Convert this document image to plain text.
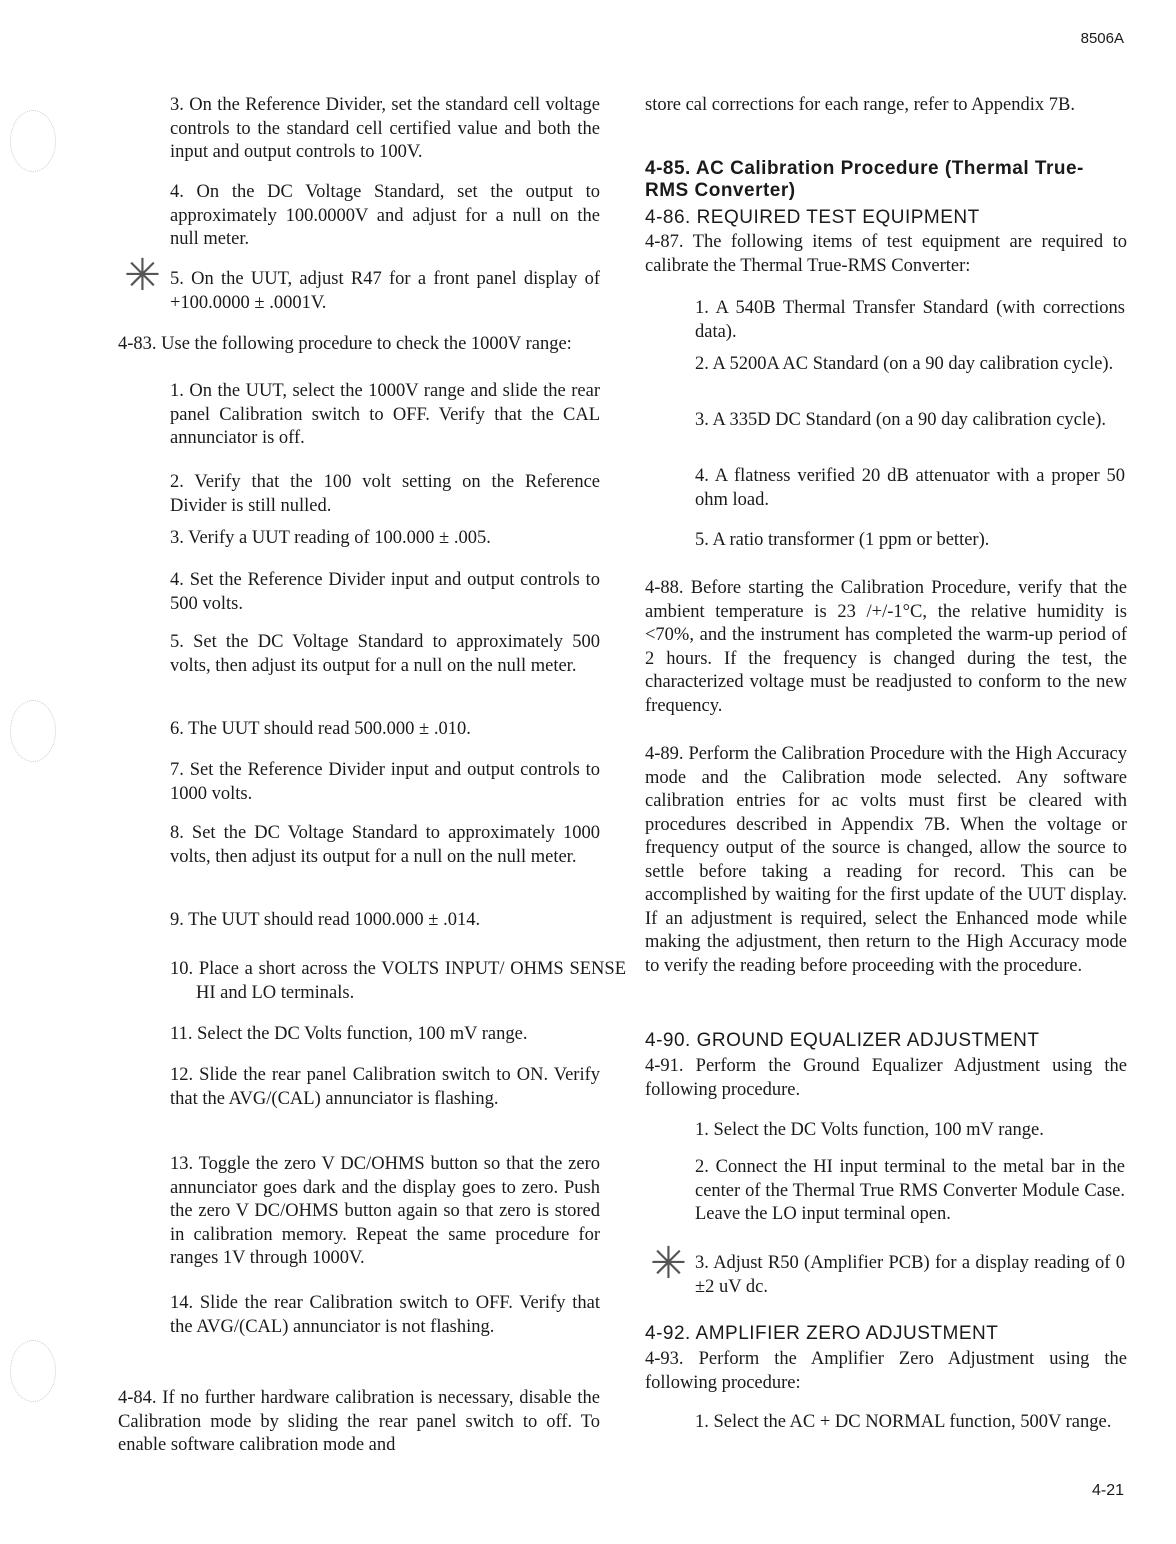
8506A
4-21

3. On the Reference Divider, set the standard cell voltage controls to the standard cell certified value and both the input and output controls to 100V.

4. On the DC Voltage Standard, set the output to approximately 100.0000V and adjust for a null on the null meter.

✳ 5. On the UUT, adjust R47 for a front panel display of +100.0000 ± .0001V.

4-83. Use the following procedure to check the 1000V range:

1. On the UUT, select the 1000V range and slide the rear panel Calibration switch to OFF. Verify that the CAL annunciator is off.

2. Verify that the 100 volt setting on the Reference Divider is still nulled.

3. Verify a UUT reading of 100.000 ± .005.

4. Set the Reference Divider input and output controls to 500 volts.

5. Set the DC Voltage Standard to approximately 500 volts, then adjust its output for a null on the null meter.

6. The UUT should read 500.000 ± .010.

7. Set the Reference Divider input and output controls to 1000 volts.

8. Set the DC Voltage Standard to approximately 1000 volts, then adjust its output for a null on the null meter.

9. The UUT should read 1000.000 ± .014.

10. Place a short across the VOLTS INPUT/ OHMS SENSE HI and LO terminals.

11. Select the DC Volts function, 100 mV range.

12. Slide the rear panel Calibration switch to ON. Verify that the AVG/(CAL) annunciator is flashing.

13. Toggle the zero V DC/OHMS button so that the zero annunciator goes dark and the display goes to zero. Push the zero V DC/OHMS button again so that zero is stored in calibration memory. Repeat the same procedure for ranges 1V through 1000V.

14. Slide the rear Calibration switch to OFF. Verify that the AVG/(CAL) annunciator is not flashing.

4-84. If no further hardware calibration is necessary, disable the Calibration mode by sliding the rear panel switch to off. To enable software calibration mode and

store cal corrections for each range, refer to Appendix 7B.

4-85. AC Calibration Procedure (Thermal True-RMS Converter)

4-86. REQUIRED TEST EQUIPMENT

4-87. The following items of test equipment are required to calibrate the Thermal True-RMS Converter:

1. A 540B Thermal Transfer Standard (with corrections data).

2. A 5200A AC Standard (on a 90 day calibration cycle).

3. A 335D DC Standard (on a 90 day calibration cycle).

4. A flatness verified 20 dB attenuator with a proper 50 ohm load.

5. A ratio transformer (1 ppm or better).

4-88. Before starting the Calibration Procedure, verify that the ambient temperature is 23 /+/-1°C, the relative humidity is <70%, and the instrument has completed the warm-up period of 2 hours. If the frequency is changed during the test, the characterized voltage must be readjusted to conform to the new frequency.

4-89. Perform the Calibration Procedure with the High Accuracy mode and the Calibration mode selected. Any software calibration entries for ac volts must first be cleared with procedures described in Appendix 7B. When the voltage or frequency output of the source is changed, allow the source to settle before taking a reading for record. This can be accomplished by waiting for the first update of the UUT display. If an adjustment is required, select the Enhanced mode while making the adjustment, then return to the High Accuracy mode to verify the reading before proceeding with the procedure.

4-90. GROUND EQUALIZER ADJUSTMENT

4-91. Perform the Ground Equalizer Adjustment using the following procedure.

1. Select the DC Volts function, 100 mV range.

2. Connect the HI input terminal to the metal bar in the center of the Thermal True RMS Converter Module Case. Leave the LO input terminal open.

✳ 3. Adjust R50 (Amplifier PCB) for a display reading of 0 ±2 uV dc.

4-92. AMPLIFIER ZERO ADJUSTMENT

4-93. Perform the Amplifier Zero Adjustment using the following procedure:

1. Select the AC + DC NORMAL function, 500V range.
